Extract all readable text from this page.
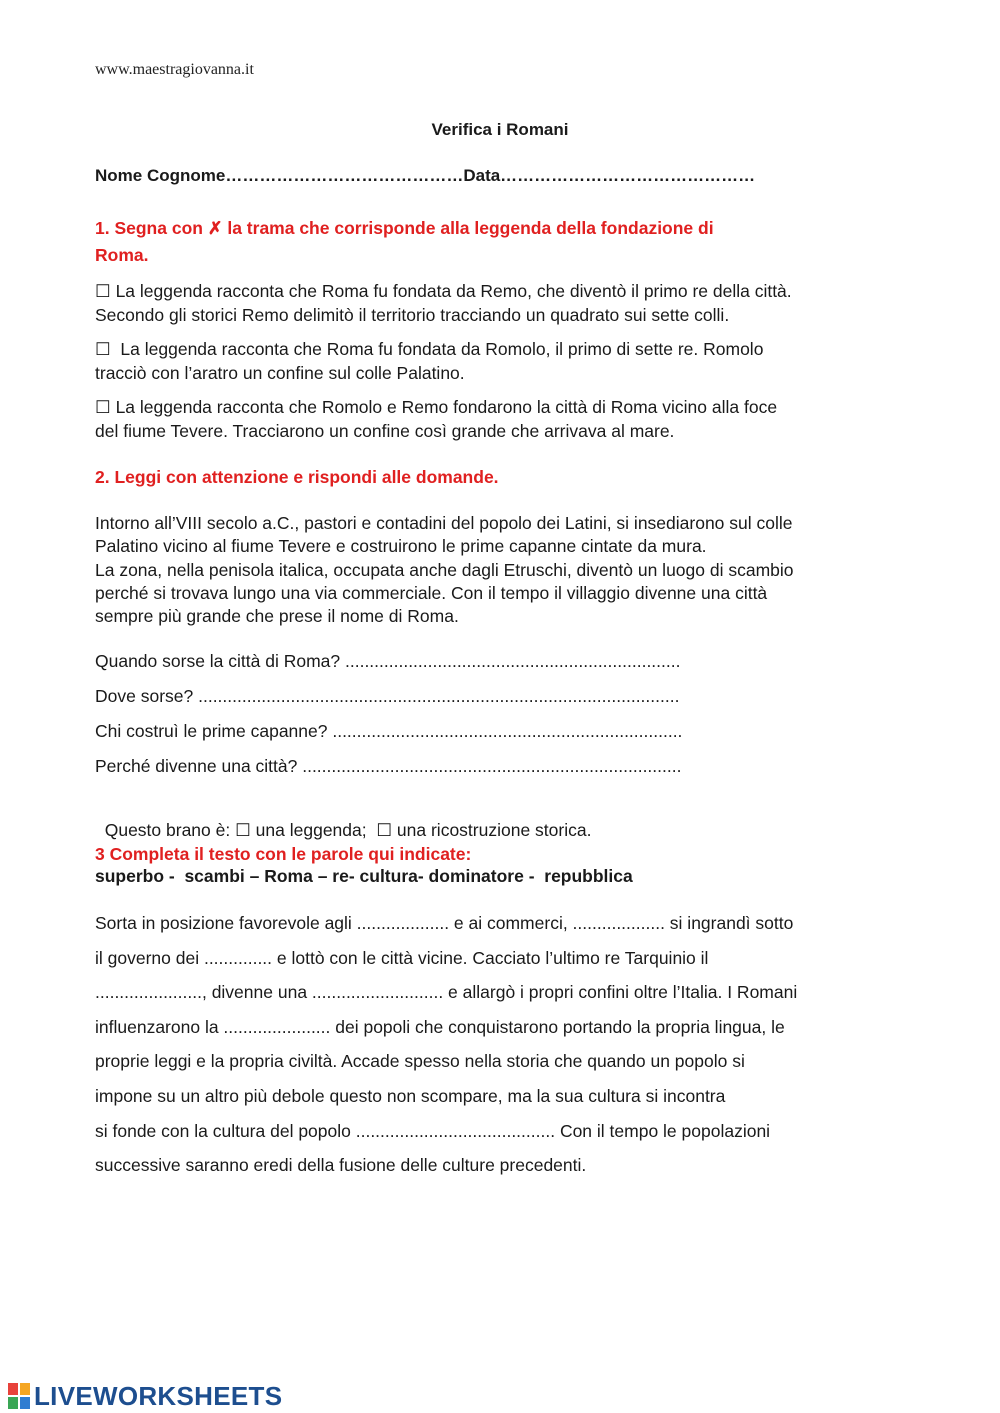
www.maestragiovanna.it
Verifica i Romani
Nome Cognome……………………………………Data………………………………………
1. Segna con ✗ la trama che corrisponde alla leggenda della fondazione di
Roma.
☐ La leggenda racconta che Roma fu fondata da Remo, che diventò il primo re della città.
Secondo gli storici Remo delimitò il territorio tracciando un quadrato sui sette colli.
☐  La leggenda racconta che Roma fu fondata da Romolo, il primo di sette re. Romolo
tracciò con l’aratro un confine sul colle Palatino.
☐ La leggenda racconta che Romolo e Remo fondarono la città di Roma vicino alla foce
del fiume Tevere. Tracciarono un confine così grande che arrivava al mare.
2. Leggi con attenzione e rispondi alle domande.
Intorno all’VIII secolo a.C., pastori e contadini del popolo dei Latini, si insediarono sul colle
Palatino vicino al fiume Tevere e costruirono le prime capanne cintate da mura.
La zona, nella penisola italica, occupata anche dagli Etruschi, diventò un luogo di scambio
perché si trovava lungo una via commerciale. Con il tempo il villaggio divenne una città
sempre più grande che prese il nome di Roma.
Quando sorse la città di Roma? .....................................................................
Dove sorse? ...................................................................................................
Chi costruì le prime capanne? ........................................................................
Perché divenne una città? ..............................................................................

Questo brano è: ☐ una leggenda; ☐ una ricostruzione storica.

3 Completa il testo con le parole qui indicate:
superbo -  scambi – Roma – re- cultura- dominatore -  repubblica
Sorta in posizione favorevole agli ................... e ai commerci, ................... si ingrandì sotto
il governo dei .............. e lottò con le città vicine. Cacciato l’ultimo re Tarquinio il
......................, divenne una ........................... e allargò i propri confini oltre l’Italia. I Romani
influenzarono la ...................... dei popoli che conquistarono portando la propria lingua, le
proprie leggi e la propria civiltà. Accade spesso nella storia che quando un popolo si
impone su un altro più debole questo non scompare, ma la sua cultura si incontra
si fonde con la cultura del popolo ......................................... Con il tempo le popolazioni
successive saranno eredi della fusione delle culture precedenti.
LIVEWORKSHEETS
